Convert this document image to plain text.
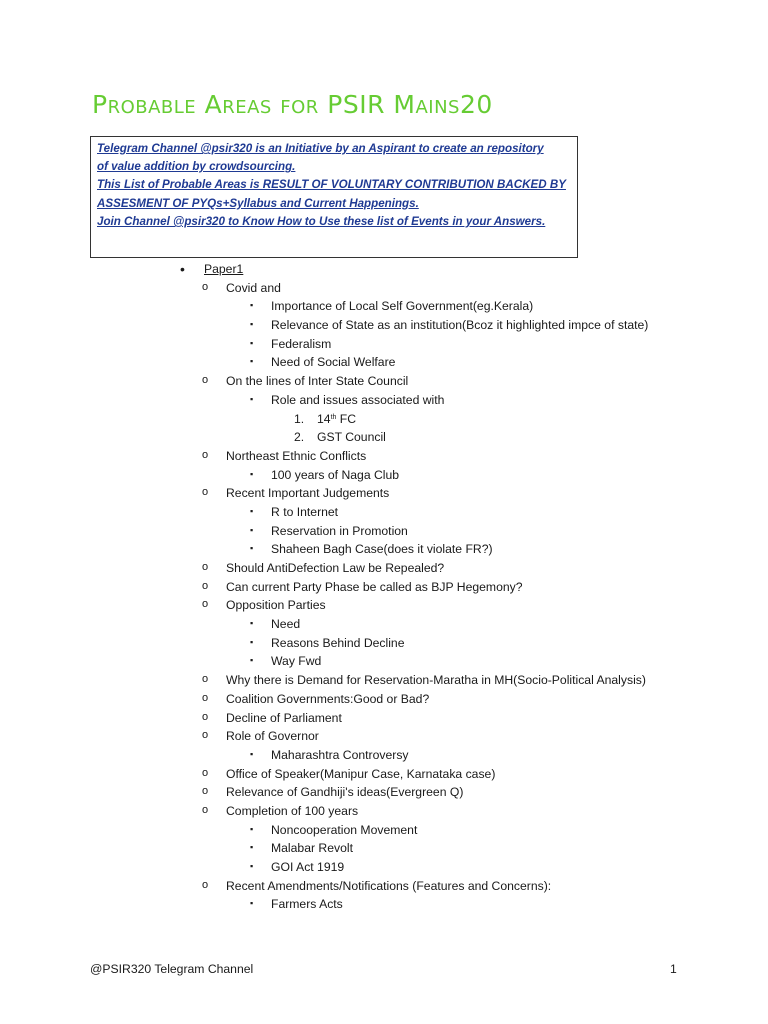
Probable Areas for PSIR Mains20
Telegram Channel @psir320 is an Initiative by an Aspirant to create an repository
of value addition by crowdsourcing.
This List of Probable Areas is RESULT OF VOLUNTARY CONTRIBUTION BACKED BY
ASSESMENT OF PYQs+Syllabus and Current Happenings.
Join Channel @psir320 to Know How to Use these list of Events in your Answers.
• Paper1
o Covid and
▪ Importance of Local Self Government(eg.Kerala)
▪ Relevance of State as an institution(Bcoz it highlighted impce of state)
▪ Federalism
▪ Need of Social Welfare
o On the lines of Inter State Council
▪ Role and issues associated with
1. 14th FC
2. GST Council
o Northeast Ethnic Conflicts
▪ 100 years of Naga Club
o Recent Important Judgements
▪ R to Internet
▪ Reservation in Promotion
▪ Shaheen Bagh Case(does it violate FR?)
o Should AntiDefection Law be Repealed?
o Can current Party Phase be called as BJP Hegemony?
o Opposition Parties
▪ Need
▪ Reasons Behind Decline
▪ Way Fwd
o Why there is Demand for Reservation-Maratha in MH(Socio-Political Analysis)
o Coalition Governments:Good or Bad?
o Decline of Parliament
o Role of Governor
▪ Maharashtra Controversy
o Office of Speaker(Manipur Case, Karnataka case)
o Relevance of Gandhiji's ideas(Evergreen Q)
o Completion of 100 years
▪ Noncooperation Movement
▪ Malabar Revolt
▪ GOI Act 1919
o Recent Amendments/Notifications (Features and Concerns):
▪ Farmers Acts
@PSIR320 Telegram Channel	1
